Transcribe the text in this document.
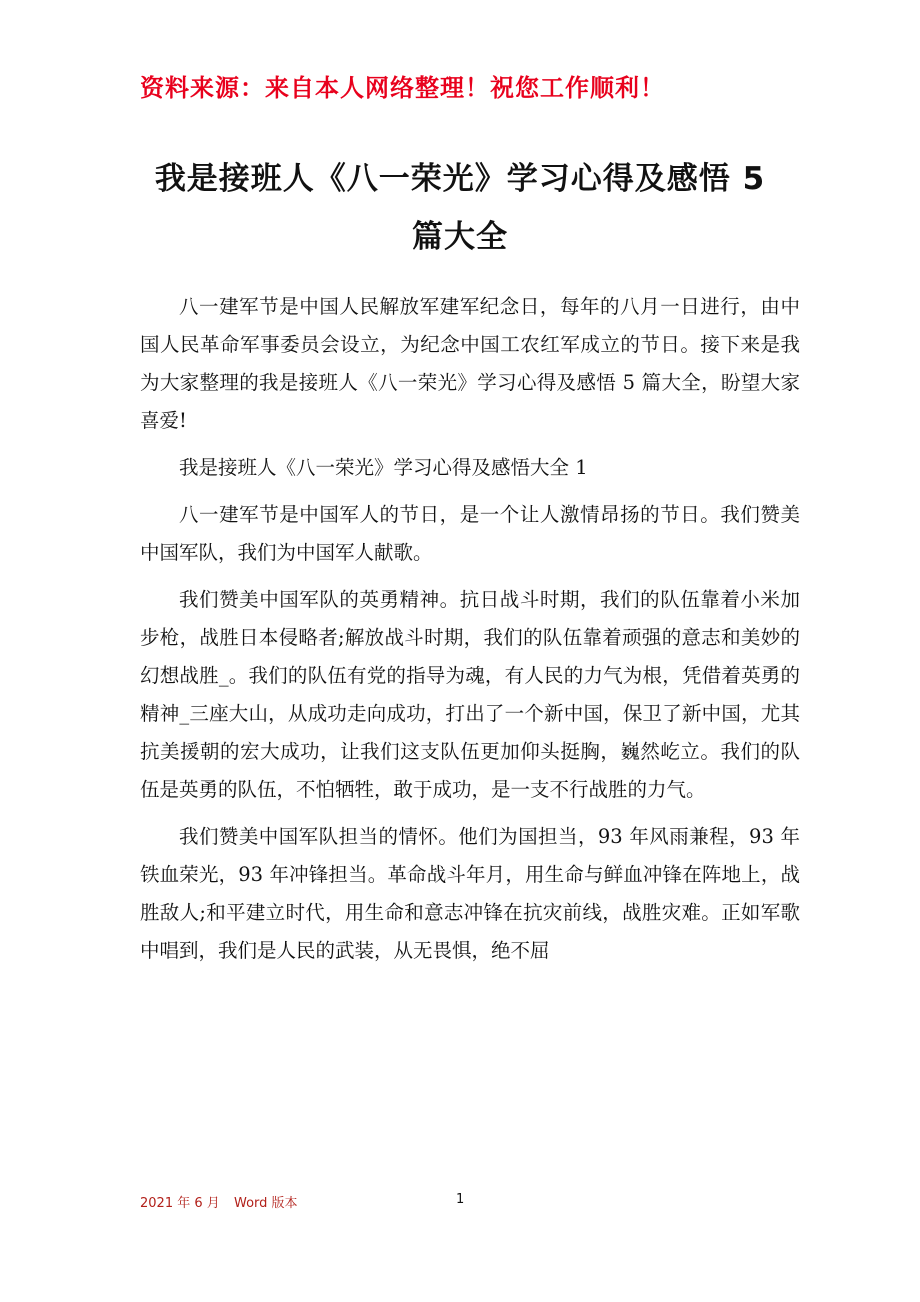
资料来源：来自本人网络整理！祝您工作顺利！
我是接班人《八一荣光》学习心得及感悟 5
篇大全

八一建军节是中国人民解放军建军纪念日，每年的八月一日进行，由中国人民革命军事委员会设立，为纪念中国工农红军成立的节日。接下来是我为大家整理的我是接班人《八一荣光》学习心得及感悟 5 篇大全，盼望大家喜爱!

我是接班人《八一荣光》学习心得及感悟大全 1

八一建军节是中国军人的节日，是一个让人激情昂扬的节日。我们赞美中国军队，我们为中国军人献歌。

我们赞美中国军队的英勇精神。抗日战斗时期，我们的队伍靠着小米加步枪，战胜日本侵略者;解放战斗时期，我们的队伍靠着顽强的意志和美妙的幻想战胜_。我们的队伍有党的指导为魂，有人民的力气为根，凭借着英勇的精神_三座大山，从成功走向成功，打出了一个新中国，保卫了新中国，尤其抗美援朝的宏大成功，让我们这支队伍更加仰头挺胸，巍然屹立。我们的队伍是英勇的队伍，不怕牺牲，敢于成功，是一支不行战胜的力气。

我们赞美中国军队担当的情怀。他们为国担当，93 年风雨兼程，93 年铁血荣光，93 年冲锋担当。革命战斗年月，用生命与鲜血冲锋在阵地上，战胜敌人;和平建立时代，用生命和意志冲锋在抗灾前线，战胜灾难。正如军歌中唱到，我们是人民的武装，从无畏惧，绝不屈

2021 年 6 月 Word 版本	1
